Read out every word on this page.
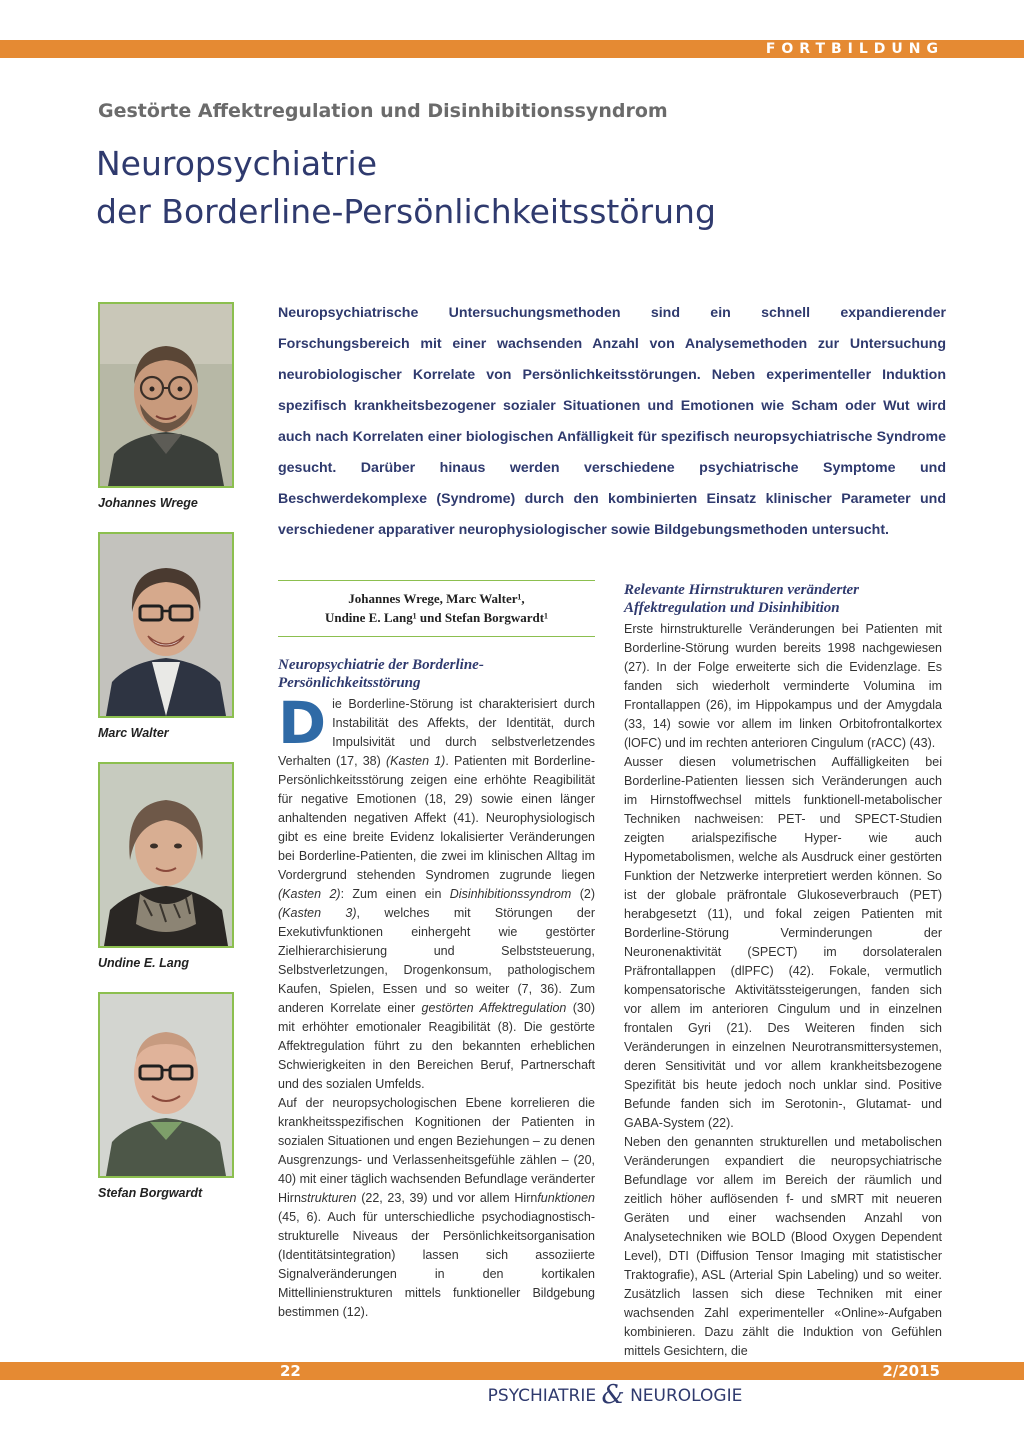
FORTBILDUNG
Gestörte Affektregulation und Disinhibitionssyndrom
Neuropsychiatrie
der Borderline-Persönlichkeitsstörung
Johannes Wrege
Marc Walter
Undine E. Lang
Stefan Borgwardt

Neuropsychiatrische Untersuchungsmethoden sind ein schnell expandierender Forschungsbereich mit einer wachsenden Anzahl von Analysemethoden zur Untersuchung neurobiologischer Korrelate von Persönlichkeitsstörungen. Neben experimenteller Induktion spezifisch krankheitsbezogener sozialer Situationen und Emotionen wie Scham oder Wut wird auch nach Korrelaten einer biologischen Anfälligkeit für spezifisch neuropsychiatrische Syndrome gesucht. Darüber hinaus werden verschiedene psychiatrische Symptome und Beschwerdekomplexe (Syndrome) durch den kombinierten Einsatz klinischer Parameter und verschiedener apparativer neurophysiologischer sowie Bildgebungsmethoden untersucht.

Johannes Wrege, Marc Walter¹,
Undine E. Lang¹ und Stefan Borgwardt¹
Neuropsychiatrie der Borderline-Persönlichkeitsstörung

Die Borderline-Störung ist charakterisiert durch Instabilität des Affekts, der Identität, durch Impulsivität und durch selbstverletzendes Verhalten (17, 38) (Kasten 1). Patienten mit Borderline-Persönlichkeitsstörung zeigen eine erhöhte Reagibilität für negative Emotionen (18, 29) sowie einen länger anhaltenden negativen Affekt (41). Neurophysiologisch gibt es eine breite Evidenz lokalisierter Veränderungen bei Borderline-Patienten, die zwei im klinischen Alltag im Vordergrund stehenden Syndromen zugrunde liegen (Kasten 2): Zum einen ein Disinhibitionssyndrom (2) (Kasten 3), welches mit Störungen der Exekutivfunktionen einhergeht wie gestörter Zielhierarchisierung und Selbststeuerung, Selbstverletzungen, Drogenkonsum, pathologischem Kaufen, Spielen, Essen und so weiter (7, 36). Zum anderen Korrelate einer gestörten Affektregulation (30) mit erhöhter emotionaler Reagibilität (8). Die gestörte Affektregulation führt zu den bekannten erheblichen Schwierigkeiten in den Bereichen Beruf, Partnerschaft und des sozialen Umfelds.

Auf der neuropsychologischen Ebene korrelieren die krankheitsspezifischen Kognitionen der Patienten in sozialen Situationen und engen Beziehungen – zu denen Ausgrenzungs- und Verlassenheitsgefühle zählen – (20, 40) mit einer täglich wachsenden Befundlage veränderter Hirnstrukturen (22, 23, 39) und vor allem Hirnfunktionen (45, 6). Auch für unterschiedliche psychodiagnostisch-strukturelle Niveaus der Persönlichkeitsorganisation (Identitätsintegration) lassen sich assoziierte Signalveränderungen in den kortikalen Mittellinienstrukturen mittels funktioneller Bildgebung bestimmen (12).

Relevante Hirnstrukturen veränderter Affektregulation und Disinhibition

Erste hirnstrukturelle Veränderungen bei Patienten mit Borderline-Störung wurden bereits 1998 nachgewiesen (27). In der Folge erweiterte sich die Evidenzlage. Es fanden sich wiederholt verminderte Volumina im Frontallappen (26), im Hippokampus und der Amygdala (33, 14) sowie vor allem im linken Orbitofrontalkortex (lOFC) und im rechten anterioren Cingulum (rACC) (43).

Ausser diesen volumetrischen Auffälligkeiten bei Borderline-Patienten liessen sich Veränderungen auch im Hirnstoffwechsel mittels funktionell-metabolischer Techniken nachweisen: PET- und SPECT-Studien zeigten arialspezifische Hyper- wie auch Hypometabolismen, welche als Ausdruck einer gestörten Funktion der Netzwerke interpretiert werden können. So ist der globale präfrontale Glukoseverbrauch (PET) herabgesetzt (11), und fokal zeigen Patienten mit Borderline-Störung Verminderungen der Neuronenaktivität (SPECT) im dorsolateralen Präfrontallappen (dlPFC) (42). Fokale, vermutlich kompensatorische Aktivitätssteigerungen, fanden sich vor allem im anterioren Cingulum und in einzelnen frontalen Gyri (21). Des Weiteren finden sich Veränderungen in einzelnen Neurotransmittersystemen, deren Sensitivität und vor allem krankheitsbezogene Spezifität bis heute jedoch noch unklar sind. Positive Befunde fanden sich im Serotonin-, Glutamat- und GABA-System (22).

Neben den genannten strukturellen und metabolischen Veränderungen expandiert die neuropsychiatrische Befundlage vor allem im Bereich der räumlich und zeitlich höher auflösenden f- und sMRT mit neueren Geräten und einer wachsenden Anzahl von Analysetechniken wie BOLD (Blood Oxygen Dependent Level), DTI (Diffusion Tensor Imaging mit statistischer Traktografie), ASL (Arterial Spin Labeling) und so weiter. Zusätzlich lassen sich diese Techniken mit einer wachsenden Zahl experimenteller «Online»-Aufgaben kombinieren. Dazu zählt die Induktion von Gefühlen mittels Gesichtern, die

22	2/2015
PSYCHIATRIE & NEUROLOGIE
